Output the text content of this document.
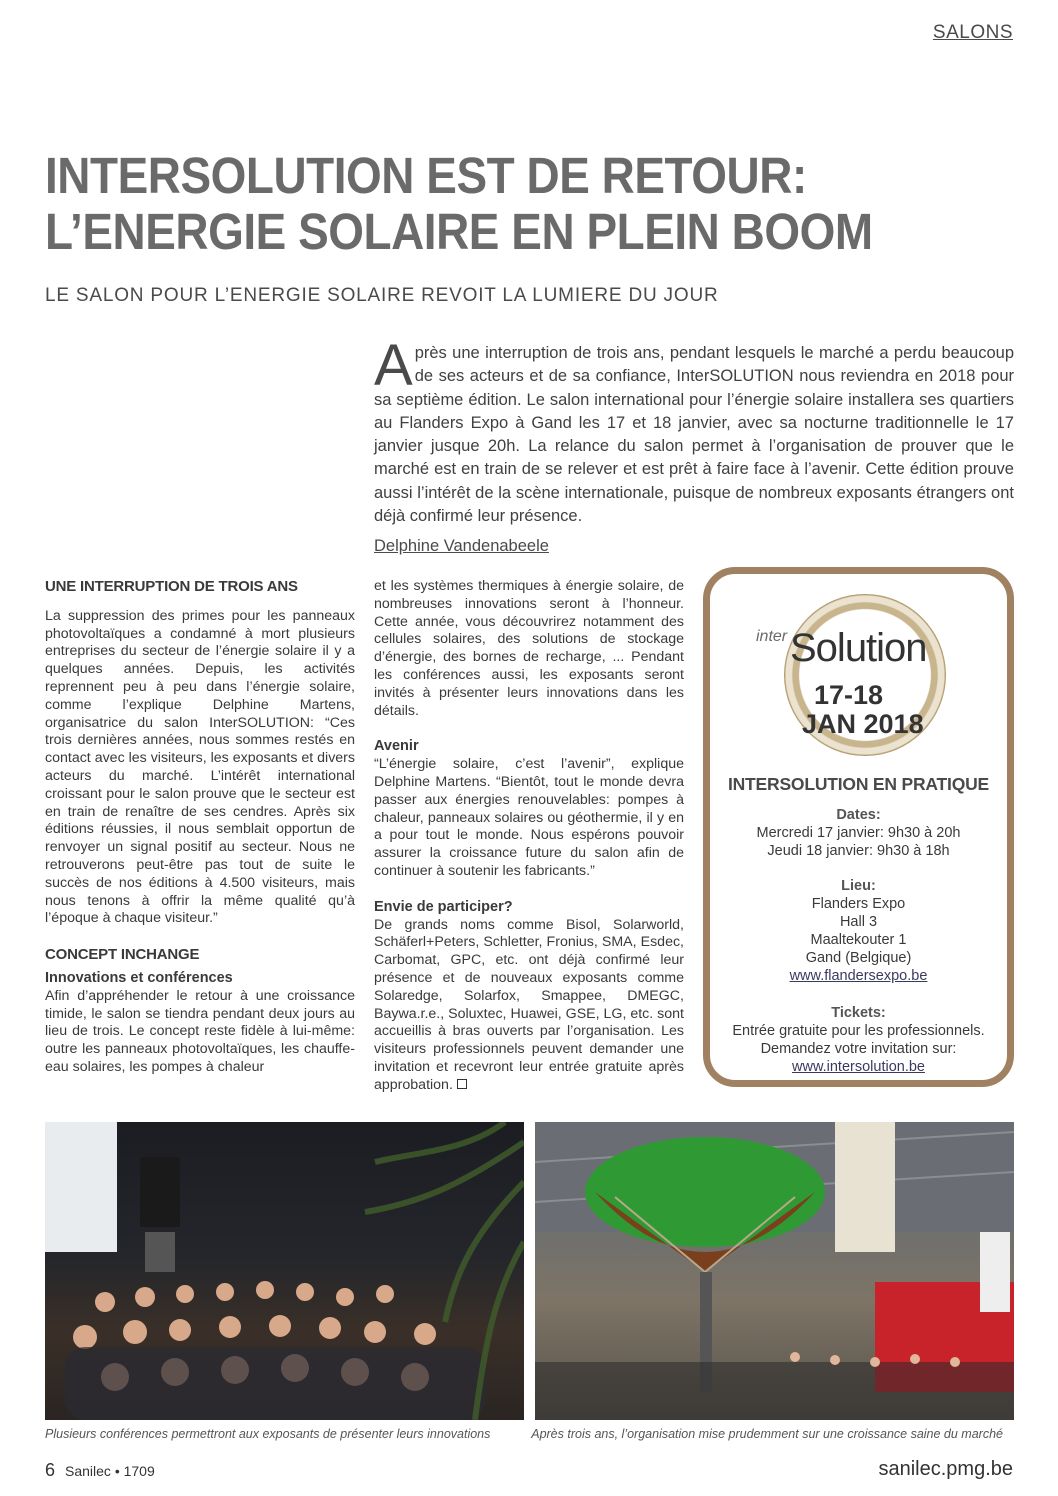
SALONS
INTERSOLUTION EST DE RETOUR: L’ENERGIE SOLAIRE EN PLEIN BOOM
LE SALON POUR L’ENERGIE SOLAIRE REVOIT LA LUMIERE DU JOUR
Après une interruption de trois ans, pendant lesquels le marché a perdu beaucoup de ses acteurs et de sa confiance, InterSOLUTION nous reviendra en 2018 pour sa septième édition. Le salon international pour l’énergie solaire installera ses quartiers au Flanders Expo à Gand les 17 et 18 janvier, avec sa nocturne traditionnelle le 17 janvier jusque 20h. La relance du salon permet à l’organisation de prouver que le marché est en train de se relever et est prêt à faire face à l’avenir. Cette édition prouve aussi l’intérêt de la scène internationale, puisque de nombreux exposants étrangers ont déjà confirmé leur présence.
Delphine Vandenabeele
UNE INTERRUPTION DE TROIS ANS

La suppression des primes pour les panneaux photovoltaïques a condamné à mort plusieurs entreprises du secteur de l’énergie solaire il y a quelques années. Depuis, les activités reprennent peu à peu dans l’énergie solaire, comme l’explique Delphine Martens, organisatrice du salon InterSOLUTION: “Ces trois dernières années, nous sommes restés en contact avec les visiteurs, les exposants et divers acteurs du marché. L’intérêt international croissant pour le salon prouve que le secteur est en train de renaître de ses cendres. Après six éditions réussies, il nous semblait opportun de renvoyer un signal positif au secteur. Nous ne retrouverons peut-être pas tout de suite le succès de nos éditions à 4.500 visiteurs, mais nous tenons à offrir la même qualité qu’à l’époque à chaque visiteur.”

CONCEPT INCHANGE
Innovations et conférences

Afin d’appréhender le retour à une croissance timide, le salon se tiendra pendant deux jours au lieu de trois. Le concept reste fidèle à lui-même: outre les panneaux photovoltaïques, les chauffe-eau solaires, les pompes à chaleur

et les systèmes thermiques à énergie solaire, de nombreuses innovations seront à l’honneur. Cette année, vous découvrirez notamment des cellules solaires, des solutions de stockage d’énergie, des bornes de recharge, ... Pendant les conférences aussi, les exposants seront invités à présenter leurs innovations dans les détails.

Avenir

“L’énergie solaire, c’est l’avenir”, explique Delphine Martens. “Bientôt, tout le monde devra passer aux énergies renouvelables: pompes à chaleur, panneaux solaires ou géothermie, il y en a pour tout le monde. Nous espérons pouvoir assurer la croissance future du salon afin de continuer à soutenir les fabricants.”

Envie de participer?

De grands noms comme Bisol, Solarworld, Schäferl+Peters, Schletter, Fronius, SMA, Esdec, Carbomat, GPC, etc. ont déjà confirmé leur présence et de nouveaux exposants comme Solaredge, Solarfox, Smappee, DMEGC, Baywa.r.e., Soluxtec, Huawei, GSE, LG, etc. sont accueillis à bras ouverts par l’organisation. Les visiteurs professionnels peuvent demander une invitation et recevront leur entrée gratuite après approbation.

inter Solution
17-18
JAN 2018
INTERSOLUTION EN PRATIQUE
Dates:
Mercredi 17 janvier: 9h30 à 20h
Jeudi 18 janvier: 9h30 à 18h
Lieu:
Flanders Expo
Hall 3
Maaltekouter 1
Gand (Belgique)
www.flandersexpo.be
Tickets:
Entrée gratuite pour les professionnels.
Demandez votre invitation sur:
www.intersolution.be
Plusieurs conférences permettront aux exposants de présenter leurs innovations	Après trois ans, l’organisation mise prudemment sur une croissance saine du marché
6 Sanilec • 1709	sanilec.pmg.be
